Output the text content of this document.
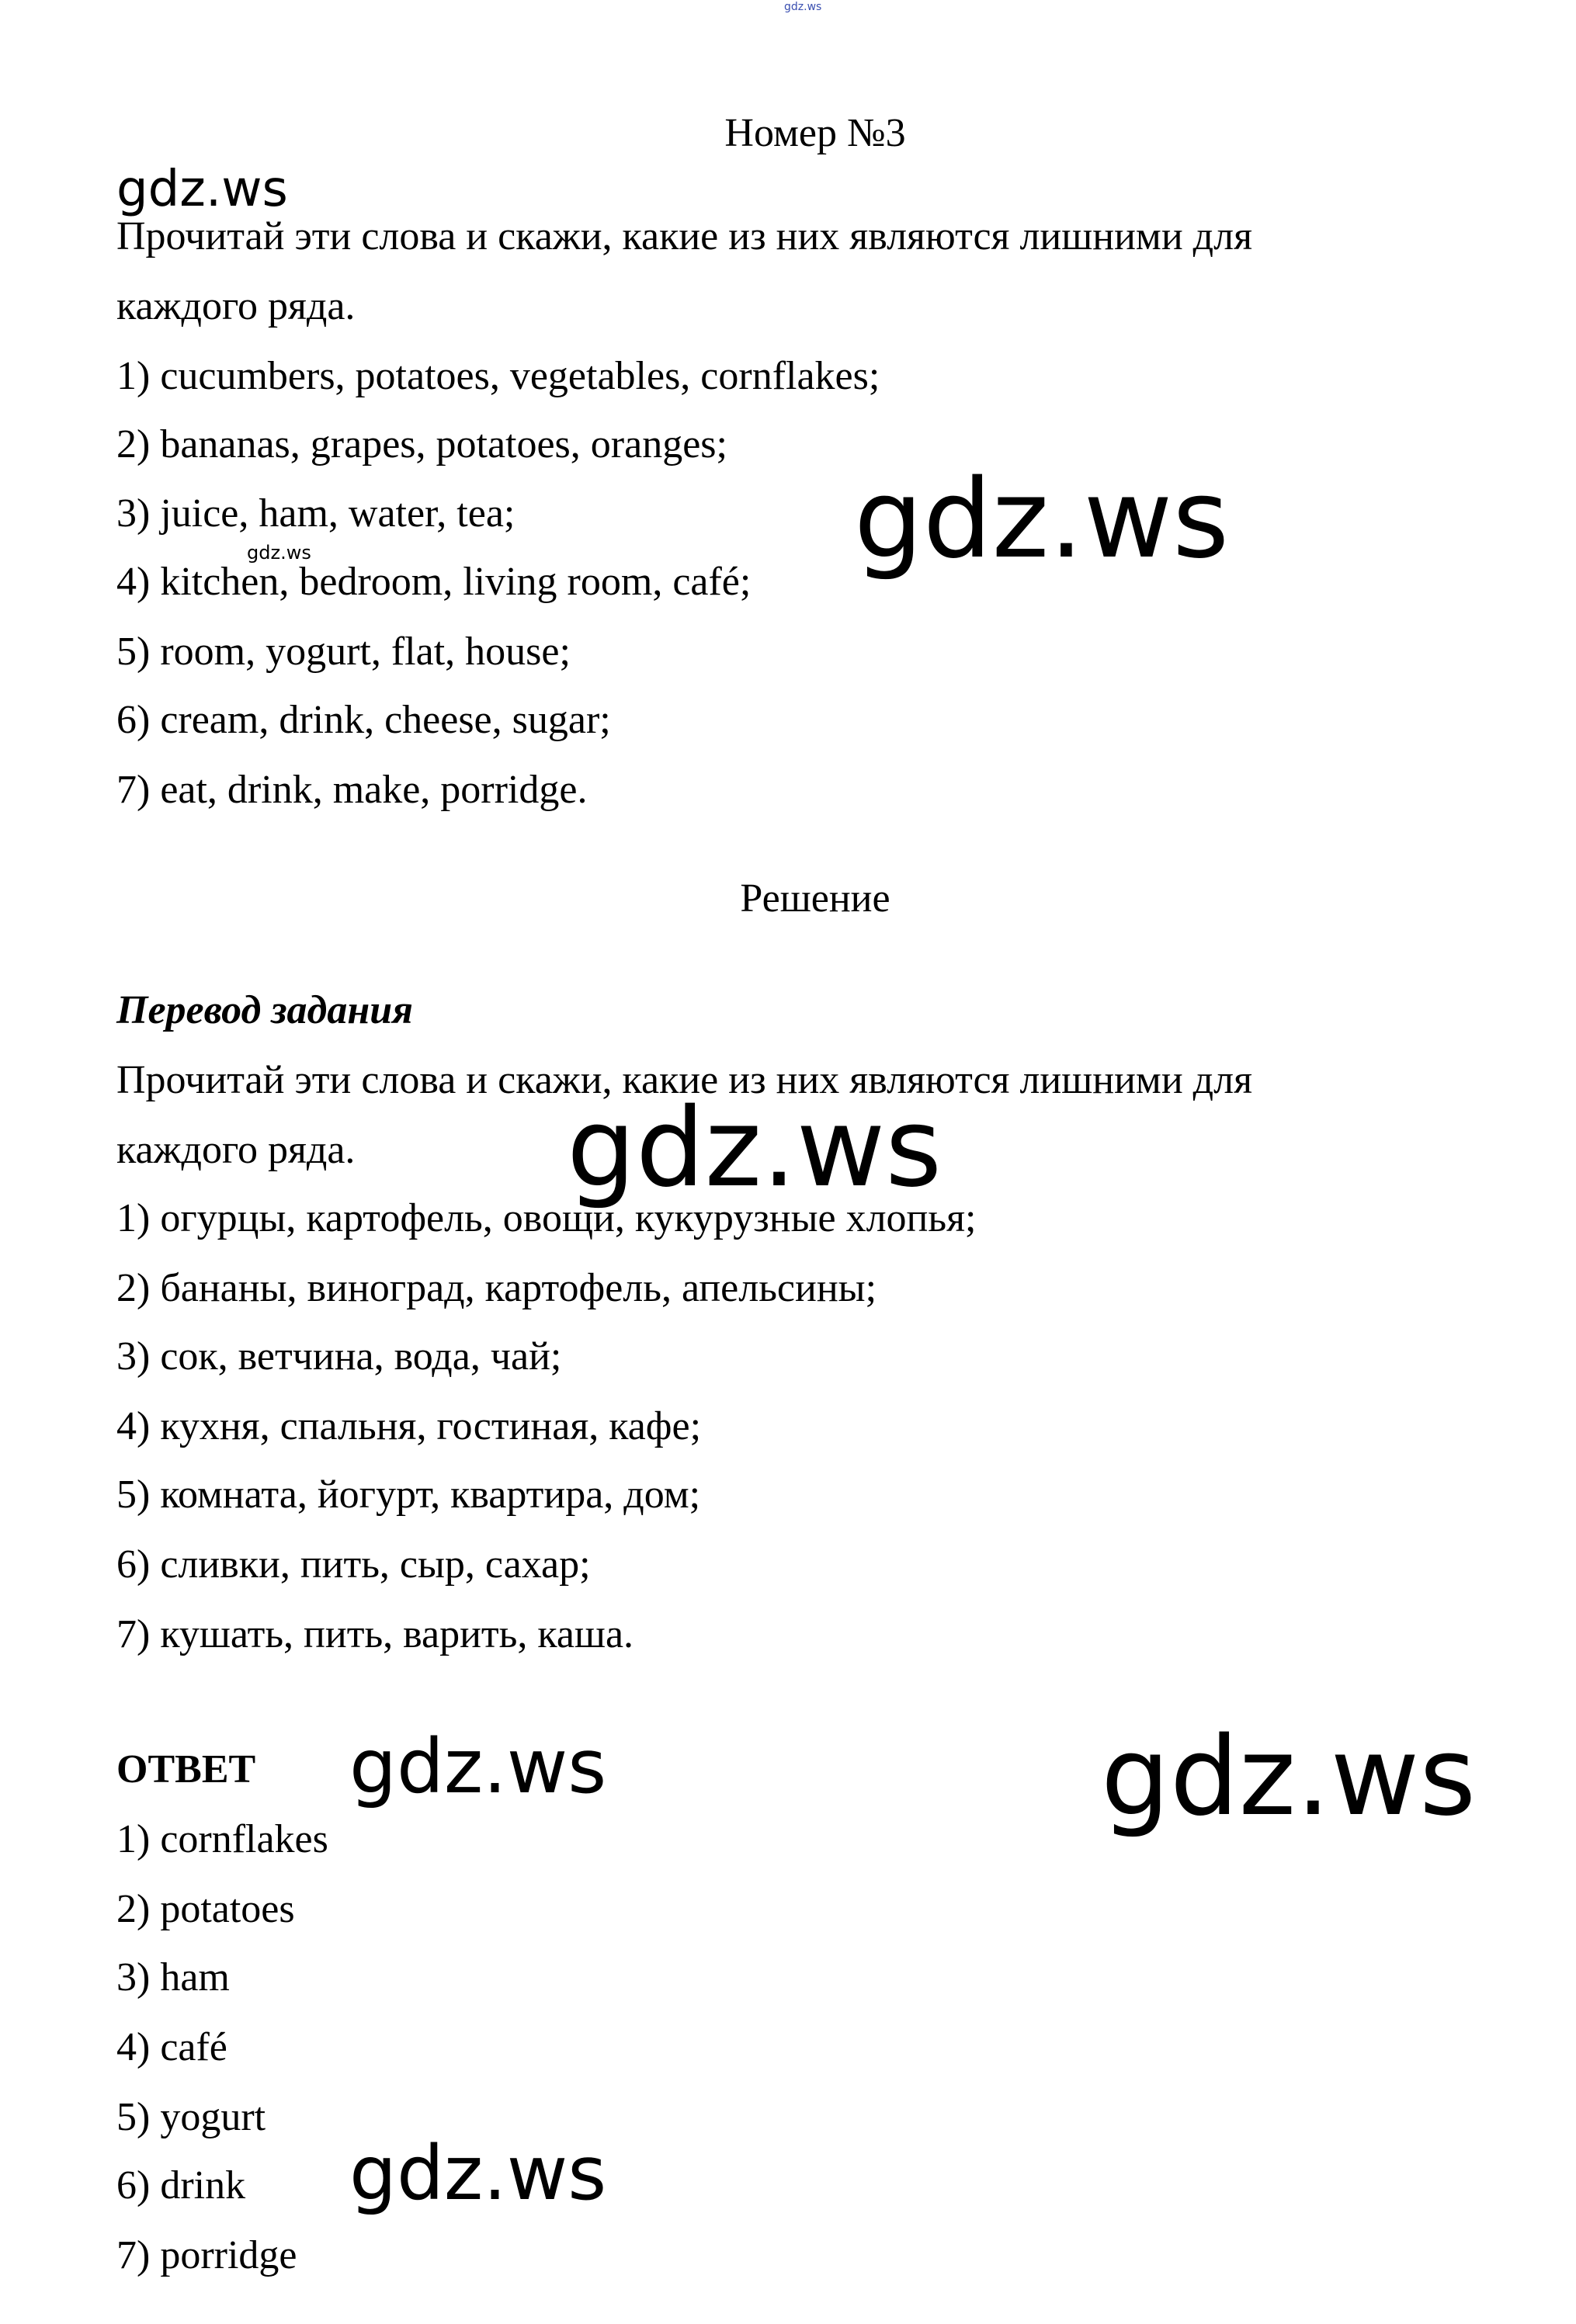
gdz.ws
Номер №3
gdz.ws
Прочитай эти слова и скажи, какие из них являются лишними для
каждого ряда.
1) cucumbers, potatoes, vegetables, cornflakes;
2) bananas, grapes, potatoes, oranges;
3) juice, ham, water, tea;
4) kitchen, bedroom, living room, café;
5) room, yogurt, flat, house;
6) cream, drink, cheese, sugar;
7) eat, drink, make, porridge.
gdz.ws
gdz.ws
Решение
Перевод задания
Прочитай эти слова и скажи, какие из них являются лишними для
каждого ряда. gdz.ws
1) огурцы, картофель, овощи, кукурузные хлопья;
2) бананы, виноград, картофель, апельсины;
3) сок, ветчина, вода, чай;
4) кухня, спальня, гостиная, кафе;
5) комната, йогурт, квартира, дом;
6) сливки, пить, сыр, сахар;
7) кушать, пить, варить, каша.
ОТВЕТ gdz.ws	gdz.ws
1) cornflakes
2) potatoes
3) ham
4) café
5) yogurt
6) drink
7) porridge
gdz.ws
